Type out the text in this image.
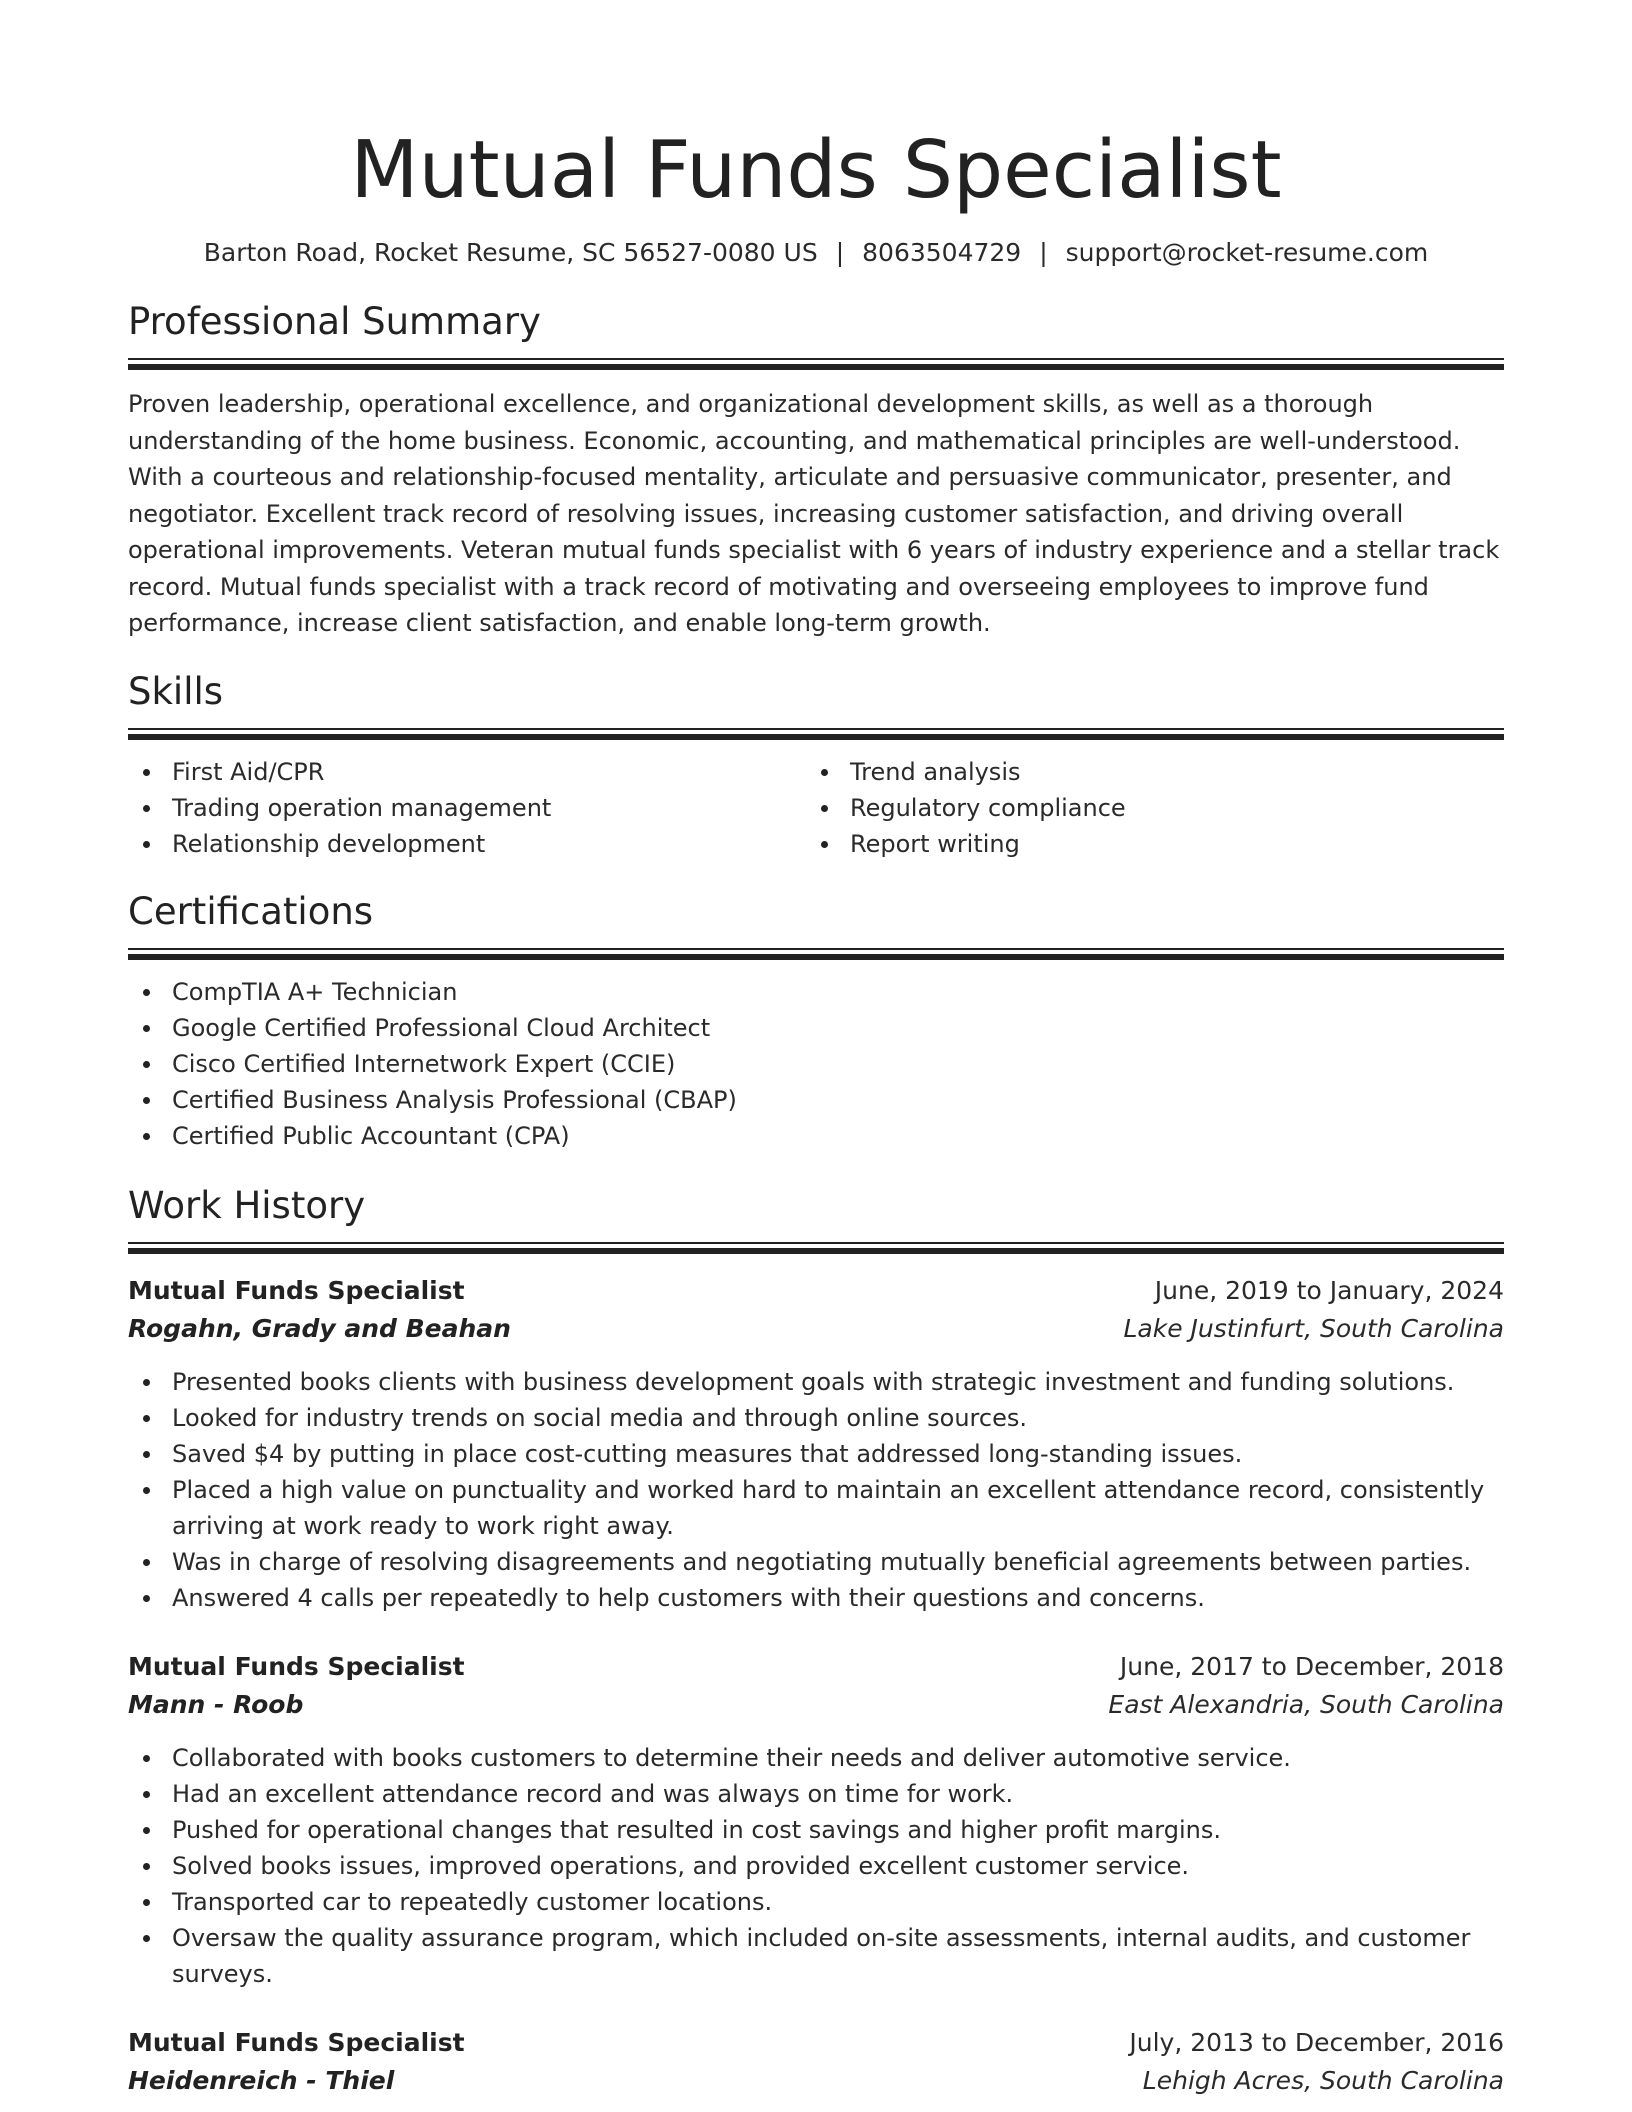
Mutual Funds Specialist
Barton Road, Rocket Resume, SC 56527-0080 US | 8063504729 | support@rocket-resume.com
Professional Summary

Proven leadership, operational excellence, and organizational development skills, as well as a thorough understanding of the home business. Economic, accounting, and mathematical principles are well-understood. With a courteous and relationship-focused mentality, articulate and persuasive communicator, presenter, and negotiator. Excellent track record of resolving issues, increasing customer satisfaction, and driving overall operational improvements. Veteran mutual funds specialist with 6 years of industry experience and a stellar track record. Mutual funds specialist with a track record of motivating and overseeing employees to improve fund performance, increase client satisfaction, and enable long-term growth.

Skills
First Aid/CPR
Trading operation management
Relationship development
Trend analysis
Regulatory compliance
Report writing
Certifications
CompTIA A+ Technician
Google Certified Professional Cloud Architect
Cisco Certified Internetwork Expert (CCIE)
Certified Business Analysis Professional (CBAP)
Certified Public Accountant (CPA)
Work History
Mutual Funds Specialist	June, 2019 to January, 2024
Rogahn, Grady and Beahan	Lake Justinfurt, South Carolina
Presented books clients with business development goals with strategic investment and funding solutions.
Looked for industry trends on social media and through online sources.
Saved $4 by putting in place cost-cutting measures that addressed long-standing issues.
Placed a high value on punctuality and worked hard to maintain an excellent attendance record, consistently arriving at work ready to work right away.
Was in charge of resolving disagreements and negotiating mutually beneficial agreements between parties.
Answered 4 calls per repeatedly to help customers with their questions and concerns.
Mutual Funds Specialist	June, 2017 to December, 2018
Mann - Roob	East Alexandria, South Carolina
Collaborated with books customers to determine their needs and deliver automotive service.
Had an excellent attendance record and was always on time for work.
Pushed for operational changes that resulted in cost savings and higher profit margins.
Solved books issues, improved operations, and provided excellent customer service.
Transported car to repeatedly customer locations.
Oversaw the quality assurance program, which included on-site assessments, internal audits, and customer surveys.
Mutual Funds Specialist	July, 2013 to December, 2016
Heidenreich - Thiel	Lehigh Acres, South Carolina
